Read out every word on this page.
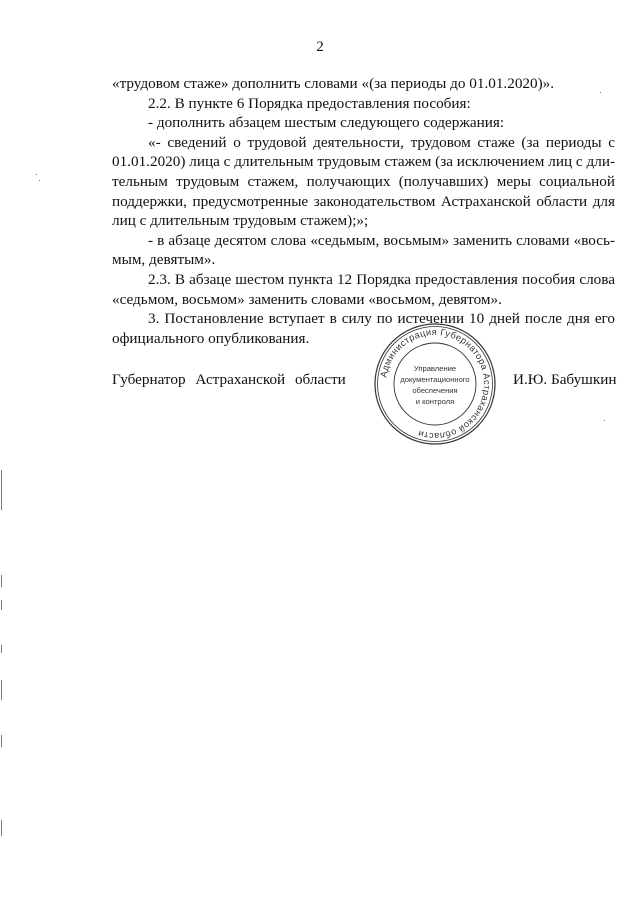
2
«трудовом стаже» дополнить словами «(за периоды до 01.01.2020)».
2.2. В пункте 6 Порядка предоставления пособия:
- дополнить абзацем шестым следующего содержания:
«- сведений о трудовой деятельности, трудовом стаже (за периоды с
01.01.2020) лица с длительным трудовым стажем (за исключением лиц с дли-
тельным трудовым стажем, получающих (получавших) меры социальной
поддержки, предусмотренные законодательством Астраханской области для
лиц с длительным трудовым стажем);»;
- в абзаце десятом слова «седьмым, восьмым» заменить словами «вось-
мым, девятым».
2.3. В абзаце шестом пункта 12 Порядка предоставления пособия слова
«седьмом, восьмом» заменить словами «восьмом, девятом».
3. Постановление вступает в силу по истечении 10 дней после дня его
официального опубликования.
Губернатор Астраханской области	И.Ю. Бабушкин
Администрация Губернатора Астраханской области
Управление
документационного
обеспечения
и контроля
